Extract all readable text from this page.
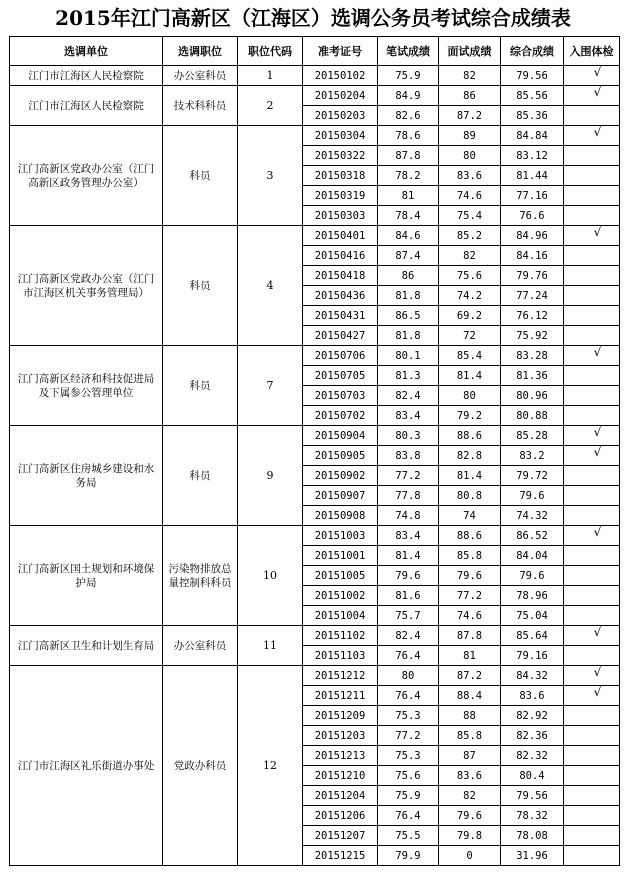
2015年江门高新区（江海区）选调公务员考试综合成绩表
选调单位	选调职位	职位代码	准考证号	笔试成绩	面试成绩	综合成绩	入围体检
江门市江海区人民检察院	办公室科员	1	20150102	75.9	82	79.56	√
江门市江海区人民检察院	技术科科员	2	20150204	84.9	86	85.56	√
			20150203	82.6	87.2	85.36	
江门高新区党政办公室（江门高新区政务管理办公室）	科员	3	20150304	78.6	89	84.84	√
			20150322	87.8	80	83.12	
			20150318	78.2	83.6	81.44	
			20150319	81	74.6	77.16	
			20150303	78.4	75.4	76.6	
江门高新区党政办公室（江门市江海区机关事务管理局）	科员	4	20150401	84.6	85.2	84.96	√
			20150416	87.4	82	84.16	
			20150418	86	75.6	79.76	
			20150436	81.8	74.2	77.24	
			20150431	86.5	69.2	76.12	
			20150427	81.8	72	75.92	
江门高新区经济和科技促进局及下属参公管理单位	科员	7	20150706	80.1	85.4	83.28	√
			20150705	81.3	81.4	81.36	
			20150703	82.4	80	80.96	
			20150702	83.4	79.2	80.88	
江门高新区住房城乡建设和水务局	科员	9	20150904	80.3	88.6	85.28	√
			20150905	83.8	82.8	83.2	√
			20150902	77.2	81.4	79.72	
			20150907	77.8	80.8	79.6	
			20150908	74.8	74	74.32	
江门高新区国土规划和环境保护局	污染物排放总量控制科科员	10	20151003	83.4	88.6	86.52	√
			20151001	81.4	85.8	84.04	
			20151005	79.6	79.6	79.6	
			20151002	81.6	77.2	78.96	
			20151004	75.7	74.6	75.04	
江门高新区卫生和计划生育局	办公室科员	11	20151102	82.4	87.8	85.64	√
			20151103	76.4	81	79.16	
江门市江海区礼乐街道办事处	党政办科员	12	20151212	80	87.2	84.32	√
			20151211	76.4	88.4	83.6	√
			20151209	75.3	88	82.92	
			20151203	77.2	85.8	82.36	
			20151213	75.3	87	82.32	
			20151210	75.6	83.6	80.4	
			20151204	75.9	82	79.56	
			20151206	76.4	79.6	78.32	
			20151207	75.5	79.8	78.08	
			20151215	79.9	0	31.96	
